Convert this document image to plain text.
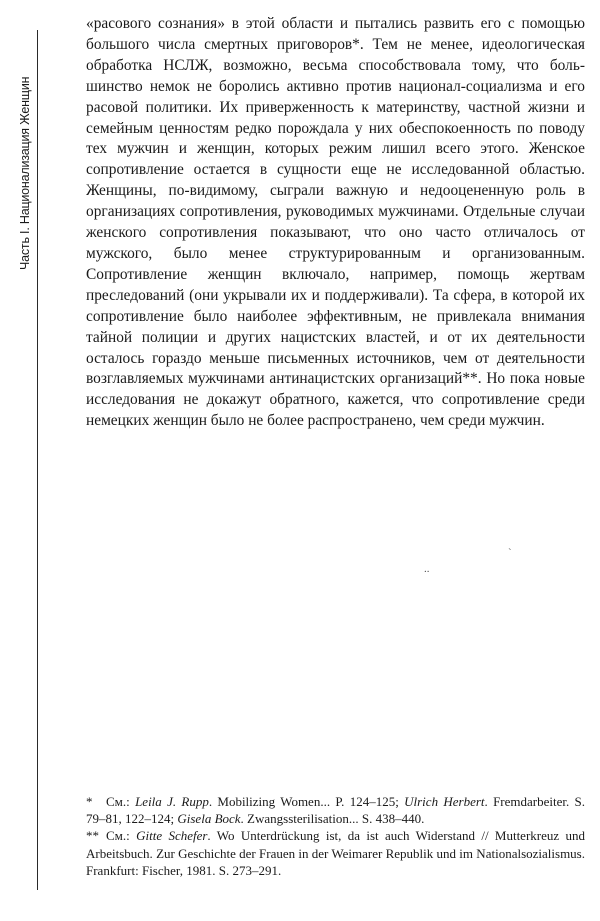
Часть I. Национализация Женщин

«расового сознания» в этой области и пытались развить его с помощью большого числа смертных приговоров*. Тем не менее, идеологическая обработка НСЛЖ, возможно, весьма способствовала тому, что большинство немок не боролись активно против национал-социализма и его расовой политики. Их приверженность к материнству, частной жизни и семейным ценностям редко порождала у них обеспокоенность по поводу тех мужчин и женщин, которых режим лишил всего этого. Женское сопротивление остается в сущности еще не исследованной областью. Женщины, по-видимому, сыграли важную и недооцененную роль в организациях сопротивления, руководимых мужчинами. Отдельные случаи женского сопротивления показывают, что оно часто отличалось от мужского, было менее структурированным и организованным. Сопротивление женщин включало, например, помощь жертвам преследований (они укрывали их и поддерживали). Та сфера, в которой их сопротивление было наиболее эффективным, не привлекала внимания тайной полиции и других нацистских властей, и от их деятельности осталось гораздо меньше письменных источников, чем от деятельности возглавляемых мужчинами антинацистских организаций**. Но пока новые исследования не докажут обратного, кажется, что сопротивление среди немецких женщин было не более распространено, чем среди мужчин.

..
`

* См.: Leila J. Rupp. Mobilizing Women... P. 124–125; Ulrich Herbert. Fremdarbeiter. S. 79–81, 122–124; Gisela Bock. Zwangssterilisation... S. 438–440.

** См.: Gitte Schefer. Wo Unterdrückung ist, da ist auch Widerstand // Mutterkreuz und Arbeitsbuch. Zur Geschichte der Frauen in der Weimarer Republik und im Nationalsozialismus. Frankfurt: Fischer, 1981. S. 273–291.
